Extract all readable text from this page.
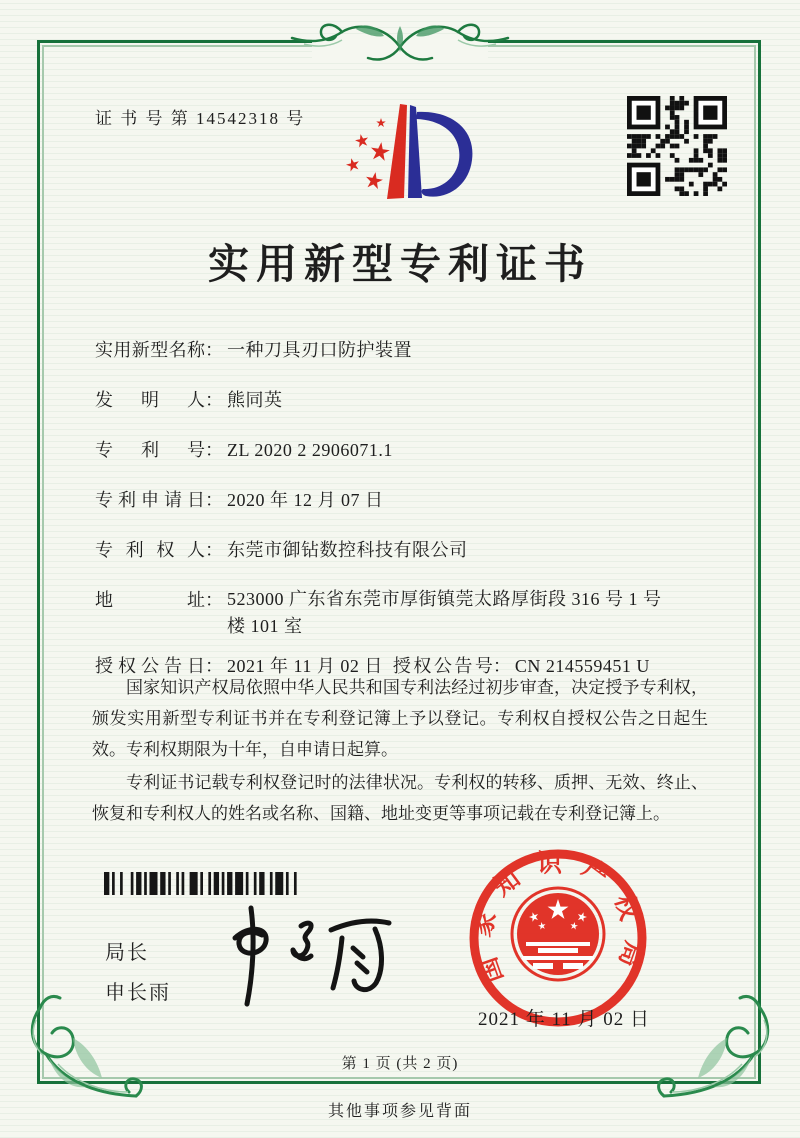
证 书 号 第 14542318 号
实用新型专利证书
实用新型名称： 一种刀具刃口防护装置
发明人： 熊同英
专利号： ZL 2020 2 2906071.1
专利申请日： 2020 年 12 月 07 日
专利权人： 东莞市御钻数控科技有限公司
地址： 523000 广东省东莞市厚街镇莞太路厚街段 316 号 1 号楼 101 室
授权公告日： 2021 年 11 月 02 日 授权公告号： CN 214559451 U

国家知识产权局依照中华人民共和国专利法经过初步审查，决定授予专利权，颁发实用新型专利证书并在专利登记簿上予以登记。专利权自授权公告之日起生效。专利权期限为十年，自申请日起算。

专利证书记载专利权登记时的法律状况。专利权的转移、质押、无效、终止、恢复和专利权人的姓名或名称、国籍、地址变更等事项记载在专利登记簿上。

局长
申长雨
国家知识产权局
2021 年 11 月 02 日
第 1 页 (共 2 页)
其他事项参见背面
